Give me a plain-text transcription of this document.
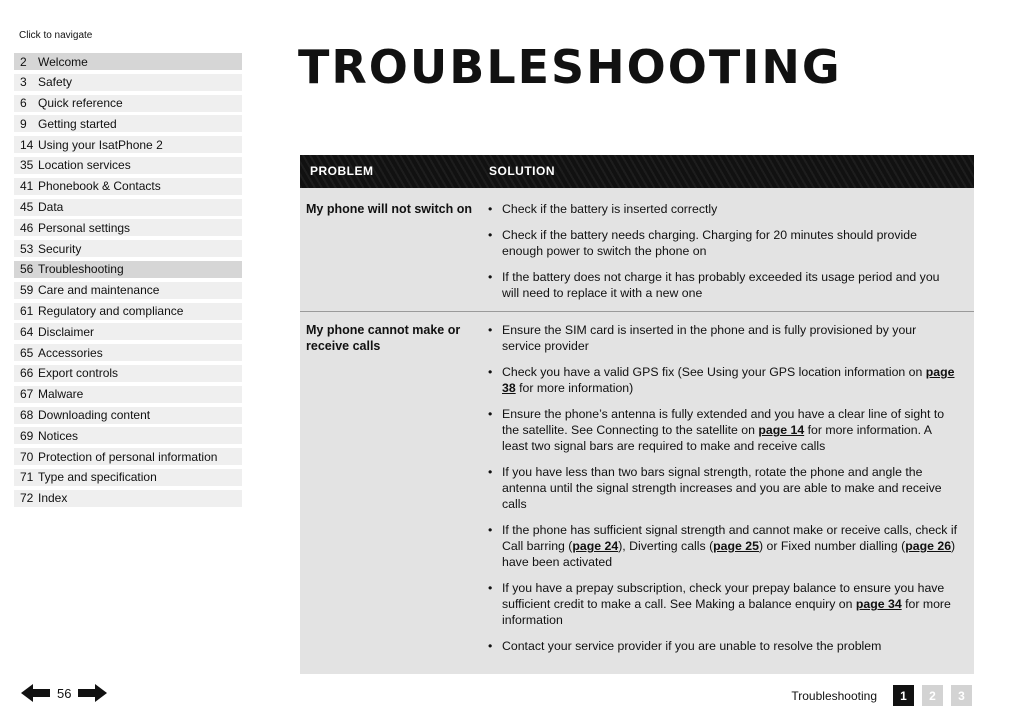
Click to navigate
2 Welcome
3 Safety
6 Quick reference
9 Getting started
14 Using your IsatPhone 2
35 Location services
41 Phonebook & Contacts
45 Data
46 Personal settings
53 Security
56 Troubleshooting
59 Care and maintenance
61 Regulatory and compliance
64 Disclaimer
65 Accessories
66 Export controls
67 Malware
68 Downloading content
69 Notices
70 Protection of personal information
71 Type and specification
72 Index
TROUBLESHOOTING
PROBLEM	SOLUTION
My phone will not switch on
•	Check if the battery is inserted correctly
• Check if the battery needs charging. Charging for 20 minutes should provide enough power to switch the phone on
• If the battery does not charge it has probably exceeded its usage period and you will need to replace it with a new one
My phone cannot make or receive calls
• Ensure the SIM card is inserted in the phone and is fully provisioned by your service provider
• Check you have a valid GPS fix (See Using your GPS location information on page 38 for more information)
• Ensure the phone’s antenna is fully extended and you have a clear line of sight to the satellite. See Connecting to the satellite on page 14 for more information. A least two signal bars are required to make and receive calls
• If you have less than two bars signal strength, rotate the phone and angle the antenna until the signal strength increases and you are able to make and receive calls
• If the phone has sufficient signal strength and cannot make or receive calls, check if Call barring (page 24), Diverting calls (page 25) or Fixed number dialling (page 26) have been activated
• If you have a prepay subscription, check your prepay balance to ensure you have sufficient credit to make a call. See Making a balance enquiry on page 34 for more information
• Contact your service provider if you are unable to resolve the problem
56	Troubleshooting	1	2	3
